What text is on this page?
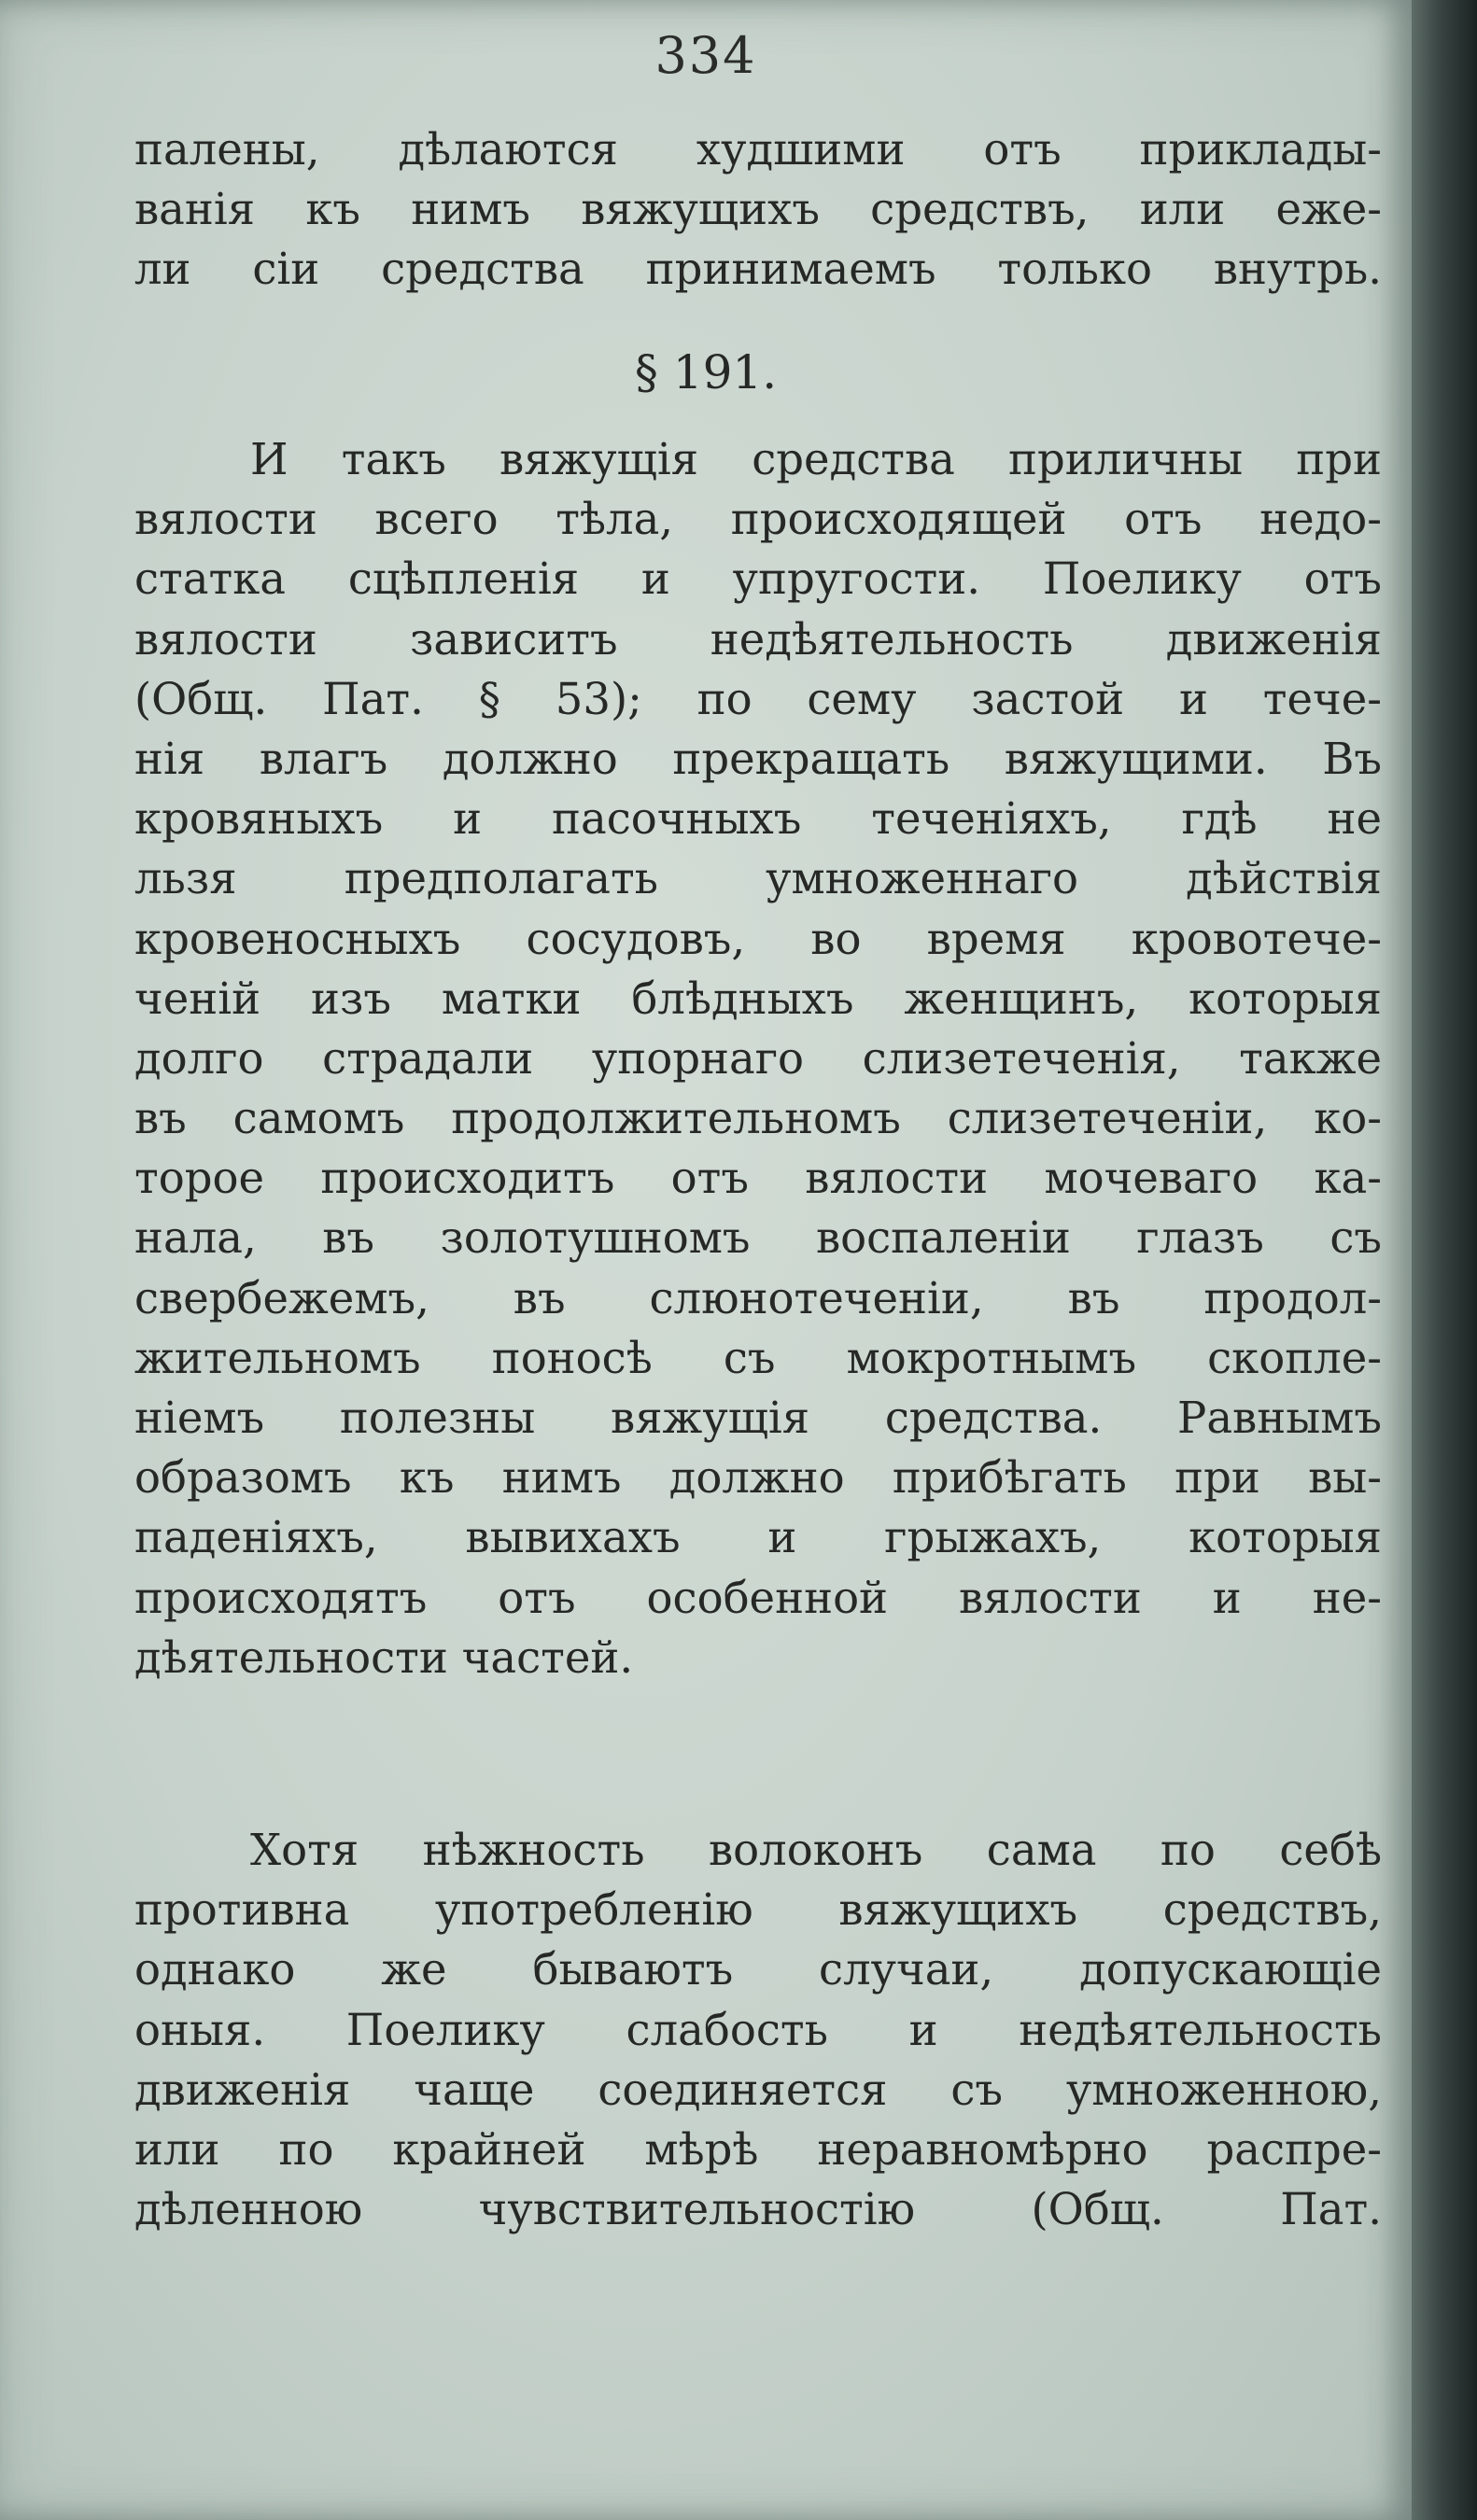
334
палены, дѣлаются худшими отъ приклады-
ванія къ нимъ вяжущихъ средствъ, или еже-
ли сіи средства принимаемъ только внутрь.
§ 191.
И такъ вяжущія средства приличны при
вялости всего тѣла, происходящей отъ недо-
статка сцѣпленія и упругости. Поелику отъ
вялости зависитъ недѣятельность движенія
(Общ. Пат. § 53); по сему застой и тече-
нія влагъ должно прекращать вяжущими. Въ
кровяныхъ и пасочныхъ теченіяхъ, гдѣ не
льзя предполагать умноженнаго дѣйствія
кровеносныхъ сосудовъ, во время кровотече-
ченій изъ матки блѣдныхъ женщинъ, которыя
долго страдали упорнаго слизетеченія, также
въ самомъ продолжительномъ слизетеченіи, ко-
торое происходитъ отъ вялости мочеваго ка-
нала, въ золотушномъ воспаленіи глазъ съ
свербежемъ, въ слюнотеченіи, въ продол-
жительномъ поносѣ съ мокротнымъ скопле-
ніемъ полезны вяжущія средства. Равнымъ
образомъ къ нимъ должно прибѣгать при вы-
паденіяхъ, вывихахъ и грыжахъ, которыя
происходятъ отъ особенной вялости и не-
дѣятельности частей.
Хотя нѣжность волоконъ сама по себѣ
противна употребленію вяжущихъ средствъ,
однако же бываютъ случаи, допускающіе
оныя. Поелику слабость и недѣятельность
движенія чаще соединяется съ умноженною,
или по крайней мѣрѣ неравномѣрно распре-
дѣленною чувствительностію (Общ. Пат.
